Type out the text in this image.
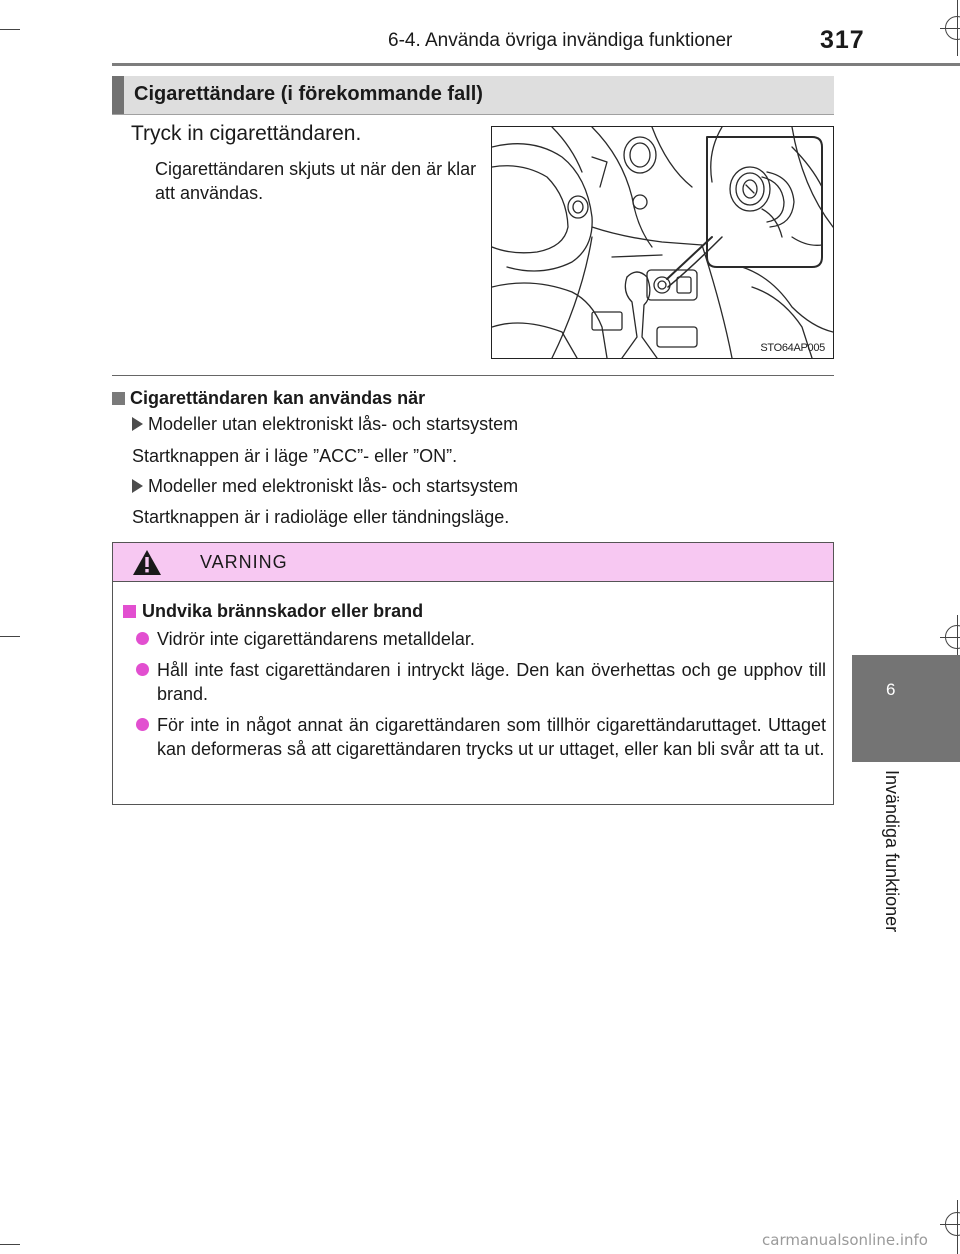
6-4. Använda övriga invändiga funktioner	317
6
Invändiga funktioner
Cigarettändare (i förekommande fall)
Tryck in cigarettändaren.
Cigarettändaren skjuts ut när den är klar att användas.
STO64AP005
Cigarettändaren kan användas när
Modeller utan elektroniskt lås- och startsystem
Startknappen är i läge ”ACC”- eller ”ON”.
Modeller med elektroniskt lås- och startsystem
Startknappen är i radioläge eller tändningsläge.
VARNING
Undvika brännskador eller brand
Vidrör inte cigarettändarens metalldelar.
Håll inte fast cigarettändaren i intryckt läge. Den kan överhettas och ge upphov till brand.
För inte in något annat än cigarettändaren som tillhör cigarettändaruttaget. Uttaget kan deformeras så att cigarettändaren trycks ut ur uttaget, eller kan bli svår att ta ut.
carmanualsonline.info
